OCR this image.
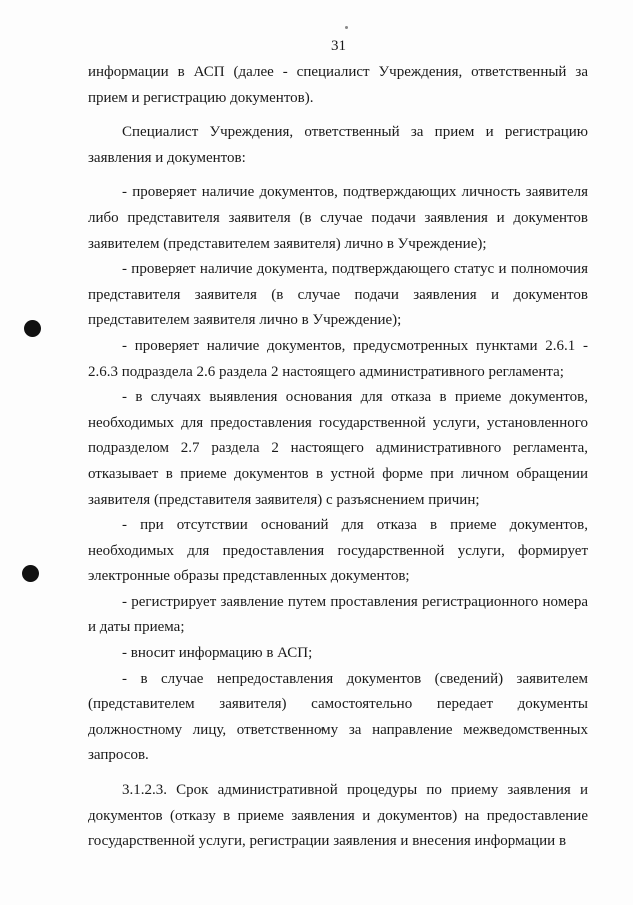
31

информации в АСП (далее - специалист Учреждения, ответственный за прием и регистрацию документов).

Специалист Учреждения, ответственный за прием и регистрацию заявления и документов:

- проверяет наличие документов, подтверждающих личность заявителя либо представителя заявителя (в случае подачи заявления и документов заявителем (представителем заявителя) лично в Учреждение);

- проверяет наличие документа, подтверждающего статус и полномочия представителя заявителя (в случае подачи заявления и документов представителем заявителя лично в Учреждение);

- проверяет наличие документов, предусмотренных пунктами 2.6.1 - 2.6.3 подраздела 2.6 раздела 2 настоящего административного регламента;

- в случаях выявления основания для отказа в приеме документов, необходимых для предоставления государственной услуги, установленного подразделом 2.7 раздела 2 настоящего административного регламента, отказывает в приеме документов в устной форме при личном обращении заявителя (представителя заявителя) с разъяснением причин;

- при отсутствии оснований для отказа в приеме документов, необходимых для предоставления государственной услуги, формирует электронные образы представленных документов;

- регистрирует заявление путем проставления регистрационного номера и даты приема;

- вносит информацию в АСП;

- в случае непредоставления документов (сведений) заявителем (представителем заявителя) самостоятельно передает документы должностному лицу, ответственному за направление межведомственных запросов.

3.1.2.3. Срок административной процедуры по приему заявления и документов (отказу в приеме заявления и документов) на предоставление государственной услуги, регистрации заявления и внесения информации в
